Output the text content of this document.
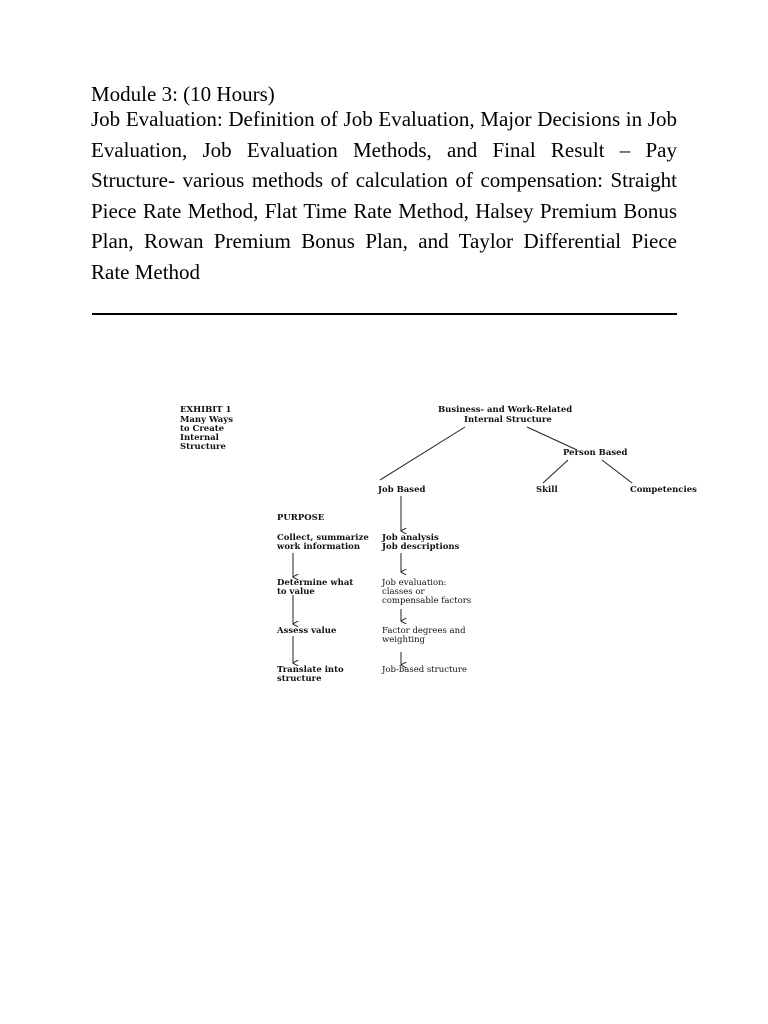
Module 3: (10 Hours)

Job Evaluation: Definition of Job Evaluation, Major Decisions in Job Evaluation, Job Evaluation Methods, and Final Result – Pay Structure- various methods of calculation of compensation: Straight Piece Rate Method, Flat Time Rate Method, Halsey Premium Bonus Plan, Rowan Premium Bonus Plan, and Taylor Differential Piece Rate Method

EXHIBIT 1
Many Ways
to Create
Internal
Structure
Business- and Work-Related
Internal Structure
Job Based
Person Based
Skill	Competencies
PURPOSE
Collect, summarize
work information
Determine what
to value
Assess value
Translate into
structure
Job analysis
Job descriptions
Job evaluation:
classes or
compensable factors
Factor degrees and
weighting
Job-based structure
